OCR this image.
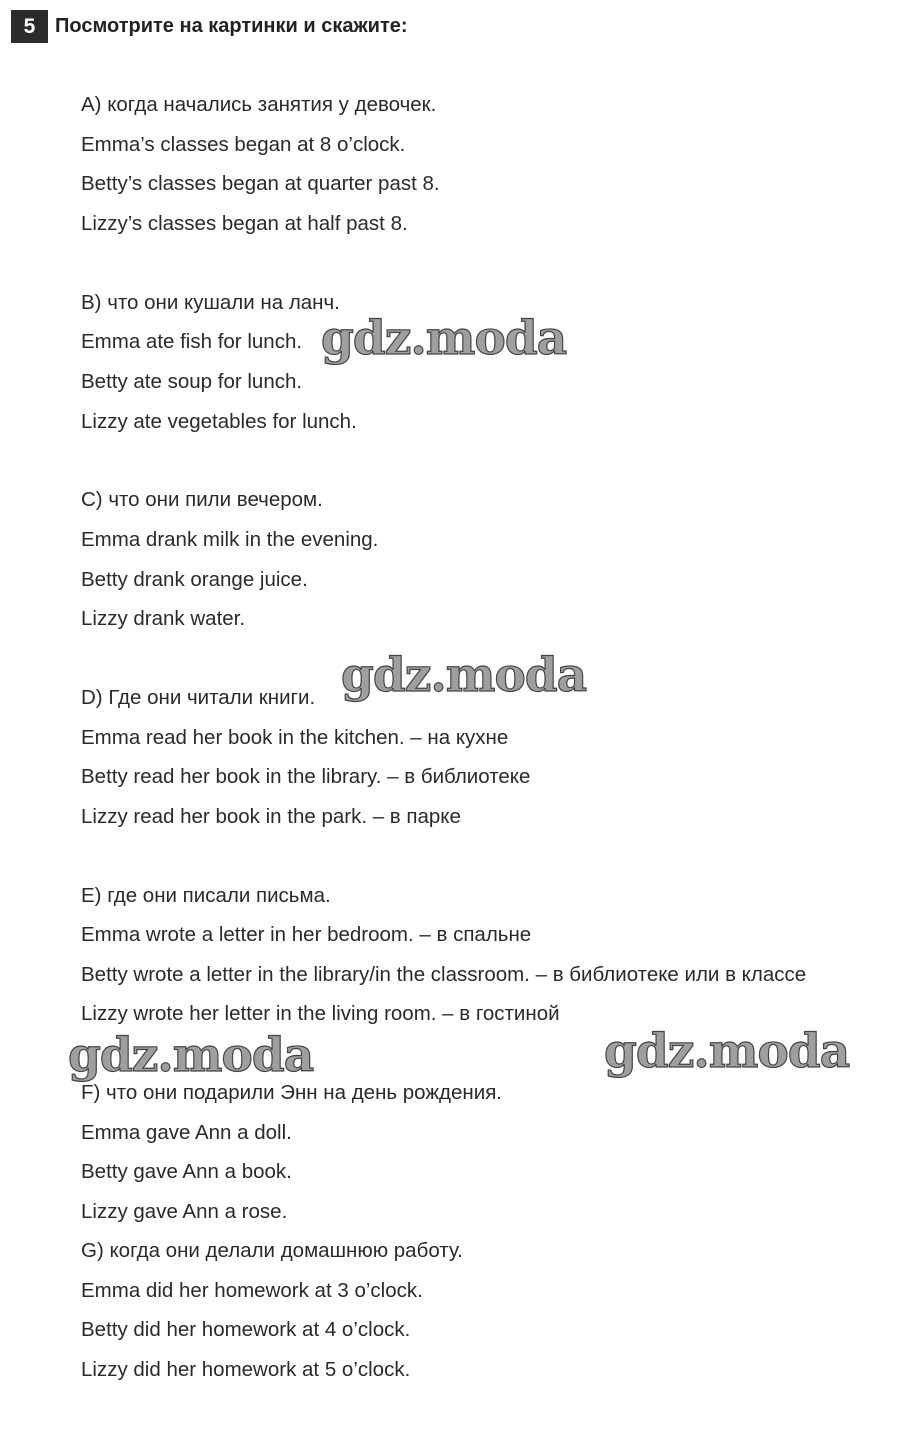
5 Посмотрите на картинки и скажите:
A) когда начались занятия у девочек.
Emma’s classes began at 8 o’clock.
Betty’s classes began at quarter past 8.
Lizzy’s classes began at half past 8.
B) что они кушали на ланч.
Emma ate fish for lunch.
Betty ate soup for lunch.
Lizzy ate vegetables for lunch.
C) что они пили вечером.
Emma drank milk in the evening.
Betty drank orange juice.
Lizzy drank water.
D) Где они читали книги.
Emma read her book in the kitchen. – на кухне
Betty read her book in the library. – в библиотеке
Lizzy read her book in the park. – в парке
E) где они писали письма.
Emma wrote a letter in her bedroom. – в спальне
Betty wrote a letter in the library/in the classroom. – в библиотеке или в классе
Lizzy wrote her letter in the living room. – в гостиной
F) что они подарили Энн на день рождения.
Emma gave Ann a doll.
Betty gave Ann a book.
Lizzy gave Ann a rose.
G) когда они делали домашнюю работу.
Emma did her homework at 3 o’clock.
Betty did her homework at 4 o’clock.
Lizzy did her homework at 5 o’clock.
gdz.moda
gdz.moda
gdz.moda	gdz.moda
